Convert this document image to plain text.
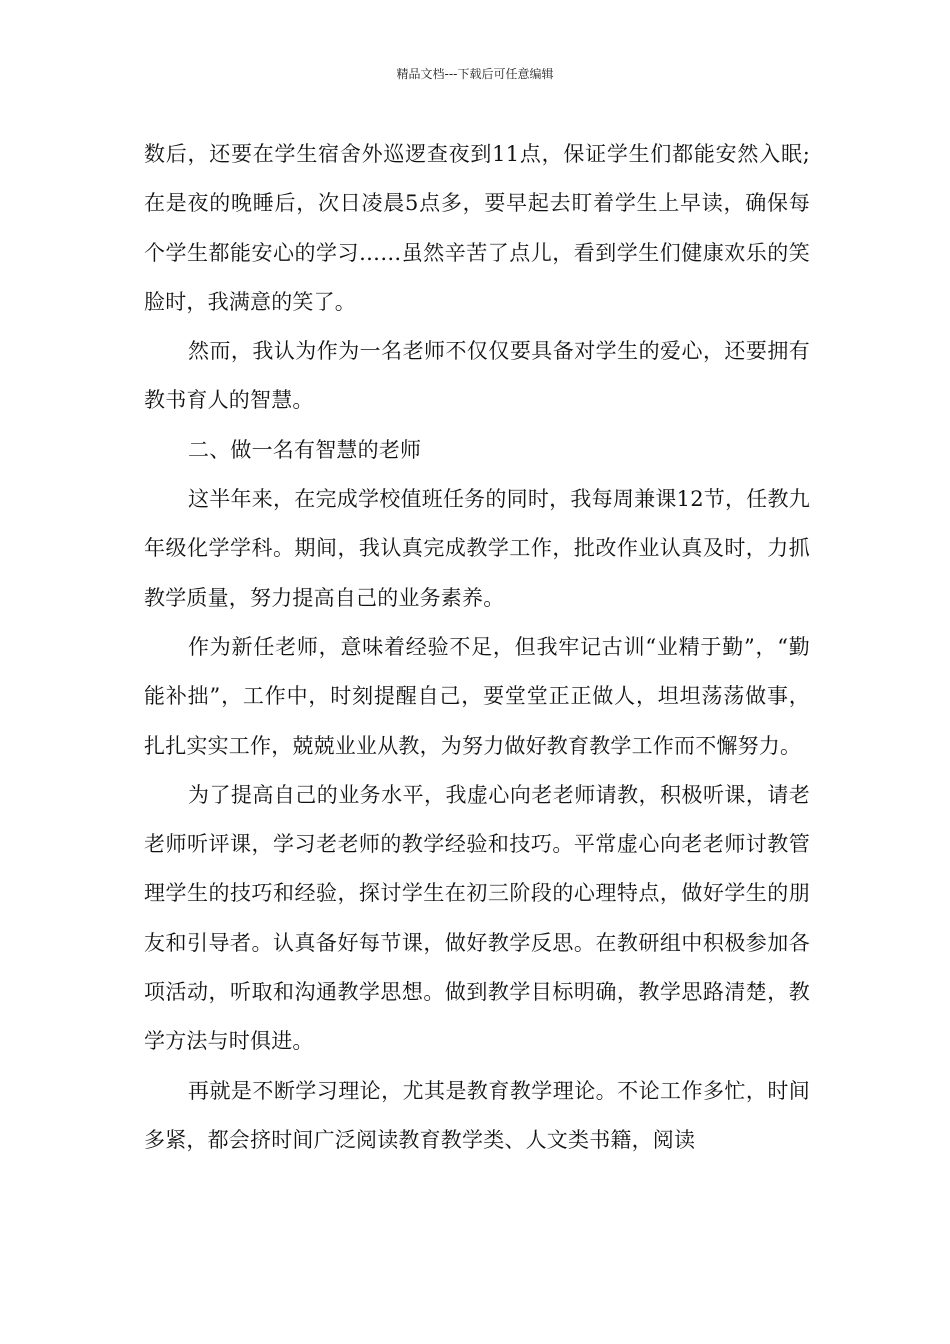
精品文档---下载后可任意编辑

数后，还要在学生宿舍外巡逻查夜到11点，保证学生们都能安然入眠;在是夜的晚睡后，次日凌晨5点多，要早起去盯着学生上早读，确保每个学生都能安心的学习……虽然辛苦了点儿，看到学生们健康欢乐的笑脸时，我满意的笑了。

然而，我认为作为一名老师不仅仅要具备对学生的爱心，还要拥有教书育人的智慧。

二、做一名有智慧的老师

这半年来，在完成学校值班任务的同时，我每周兼课12节，任教九年级化学学科。期间，我认真完成教学工作，批改作业认真及时，力抓教学质量，努力提高自己的业务素养。

作为新任老师，意味着经验不足，但我牢记古训“业精于勤”，“勤能补拙”，工作中，时刻提醒自己，要堂堂正正做人，坦坦荡荡做事，扎扎实实工作，兢兢业业从教，为努力做好教育教学工作而不懈努力。

为了提高自己的业务水平，我虚心向老老师请教，积极听课，请老老师听评课，学习老老师的教学经验和技巧。平常虚心向老老师讨教管理学生的技巧和经验，探讨学生在初三阶段的心理特点，做好学生的朋友和引导者。认真备好每节课，做好教学反思。在教研组中积极参加各项活动，听取和沟通教学思想。做到教学目标明确，教学思路清楚，教学方法与时俱进。

再就是不断学习理论，尤其是教育教学理论。不论工作多忙，时间多紧，都会挤时间广泛阅读教育教学类、人文类书籍，阅读
